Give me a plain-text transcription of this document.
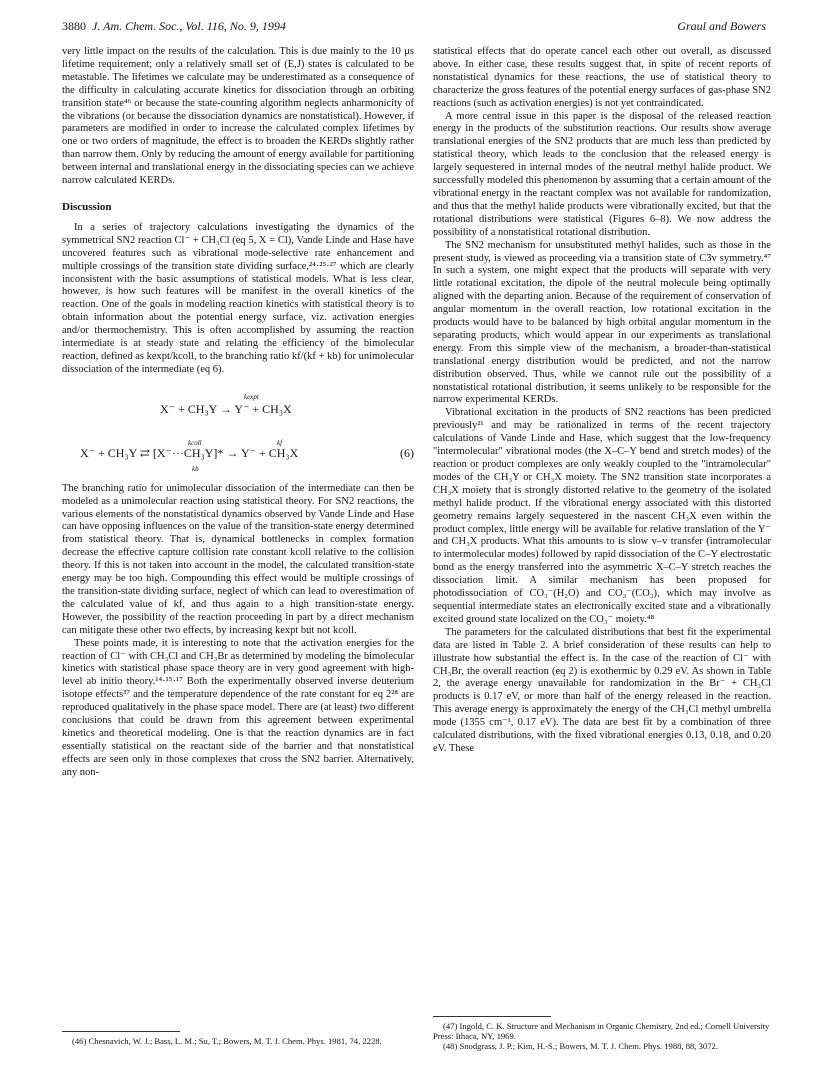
3880 J. Am. Chem. Soc., Vol. 116, No. 9, 1994	Graul and Bowers

very little impact on the results of the calculation. This is due mainly to the 10 μs lifetime requirement; only a relatively small set of (E,J) states is calculated to be metastable. The lifetimes we calculate may be underestimated as a consequence of the difficulty in calculating accurate kinetics for dissociation through an orbiting transition state⁴⁶ or because the state-counting algorithm neglects anharmonicity of the vibrations (or because the dissociation dynamics are nonstatistical). However, if parameters are modified in order to increase the calculated complex lifetimes by one or two orders of magnitude, the effect is to broaden the KERDs slightly rather than narrow them. Only by reducing the amount of energy available for partitioning between internal and translational energy in the dissociating species can we achieve narrow calculated KERDs.

Discussion

In a series of trajectory calculations investigating the dynamics of the symmetrical SN2 reaction Cl⁻ + CH₃Cl (eq 5, X = Cl), Vande Linde and Hase have uncovered features such as vibrational mode-selective rate enhancement and multiple crossings of the transition state dividing surface,²⁴·²⁵·²⁷ which are clearly inconsistent with the basic assumptions of statistical models. What is less clear, however, is how such features will be manifest in the overall kinetics of the reaction. One of the goals in modeling reaction kinetics with statistical theory is to obtain information about the potential energy surface, viz. activation energies and/or thermochemistry. This is often accomplished by assuming the reaction intermediate is at steady state and relating the efficiency of the bimolecular reaction, defined as kexpt/kcoll, to the branching ratio kf/(kf + kb) for unimolecular dissociation of the intermediate (eq 6).

kexpt
X⁻ + CH₃Y → Y⁻ + CH₃X
kcoll	kf
X⁻ + CH₃Y ⇄ [X⁻···CH₃Y]* → Y⁻ + CH₃X
kb
(6)

The branching ratio for unimolecular dissociation of the intermediate can then be modeled as a unimolecular reaction using statistical theory. For SN2 reactions, the various elements of the nonstatistical dynamics observed by Vande Linde and Hase can have opposing influences on the value of the transition-state energy determined from statistical theory. That is, dynamical bottlenecks in complex formation decrease the effective capture collision rate constant kcoll relative to the collision theory. If this is not taken into account in the model, the calculated transition-state energy may be too high. Compounding this effect would be multiple crossings of the transition-state dividing surface, neglect of which can lead to overestimation of the calculated value of kf, and thus again to a high transition-state energy. However, the possibility of the reaction proceeding in part by a direct mechanism can mitigate these other two effects, by increasing kexpt but not kcoll.

These points made, it is interesting to note that the activation energies for the reaction of Cl⁻ with CH₃Cl and CH₃Br as determined by modeling the bimolecular kinetics with statistical phase space theory are in very good agreement with high-level ab initio theory.¹⁴·¹⁵·¹⁷ Both the experimentally observed inverse deuterium isotope effects³⁷ and the temperature dependence of the rate constant for eq 2²⁸ are reproduced qualitatively in the phase space model. There are (at least) two different conclusions that could be drawn from this agreement between experimental kinetics and theoretical modeling. One is that the reaction dynamics are in fact essentially statistical on the reactant side of the barrier and that nonstatistical effects are seen only in those complexes that cross the SN2 barrier. Alternatively, any non-

statistical effects that do operate cancel each other out overall, as discussed above. In either case, these results suggest that, in spite of recent reports of nonstatistical dynamics for these reactions, the use of statistical theory to characterize the gross features of the potential energy surfaces of gas-phase SN2 reactions (such as activation energies) is not yet contraindicated.

A more central issue in this paper is the disposal of the released reaction energy in the products of the substitution reactions. Our results show average translational energies of the SN2 products that are much less than predicted by statistical theory, which leads to the conclusion that the released energy is largely sequestered in internal modes of the neutral methyl halide product. We successfully modeled this phenomenon by assuming that a certain amount of the vibrational energy in the reactant complex was not available for randomization, and thus that the methyl halide products were vibrationally excited, but that the rotational distributions were statistical (Figures 6–8). We now address the possibility of a nonstatistical rotational distribution.

The SN2 mechanism for unsubstituted methyl halides, such as those in the present study, is viewed as proceeding via a transition state of C3v symmetry.⁴⁷ In such a system, one might expect that the products will separate with very little rotational excitation, the dipole of the neutral molecule being optimally aligned with the departing anion. Because of the requirement of conservation of angular momentum in the overall reaction, low rotational excitation in the products would have to be balanced by high orbital angular momentum in the separating products, which would appear in our experiments as translational energy. From this simple view of the mechanism, a broader-than-statistical translational energy distribution would be predicted, and not the narrow distribution observed. Thus, while we cannot rule out the possibility of a nonstatistical rotational distribution, it seems unlikely to be responsible for the narrow experimental KERDs.

Vibrational excitation in the products of SN2 reactions has been predicted previously²¹ and may be rationalized in terms of the recent trajectory calculations of Vande Linde and Hase, which suggest that the low-frequency "intermolecular" vibrational modes (the X–C–Y bend and stretch modes) of the reaction or product complexes are only weakly coupled to the "intramolecular" modes of the CH₃Y or CH₃X moiety. The SN2 transition state incorporates a CH₃X moiety that is strongly distorted relative to the geometry of the isolated methyl halide product. If the vibrational energy associated with this distorted geometry remains largely sequestered in the nascent CH₃X even within the product complex, little energy will be available for relative translation of the Y⁻ and CH₃X products. What this amounts to is slow v–v transfer (intramolecular to intermolecular modes) followed by rapid dissociation of the C–Y electrostatic bond as the energy transferred into the asymmetric X–C–Y stretch reaches the dissociation limit. A similar mechanism has been proposed for photodissociation of CO₃⁻(H₂O) and CO₃⁻(CO₂), which may involve as sequential intermediate states an electronically excited state and a vibrationally excited ground state localized on the CO₃⁻ moiety.⁴⁸

The parameters for the calculated distributions that best fit the experimental data are listed in Table 2. A brief consideration of these results can help to illustrate how substantial the effect is. In the case of the reaction of Cl⁻ with CH₃Br, the overall reaction (eq 2) is exothermic by 0.29 eV. As shown in Table 2, the average energy unavailable for randomization in the Br⁻ + CH₃Cl products is 0.17 eV, or more than half of the energy released in the reaction. This average energy is approximately the energy of the CH₃Cl methyl umbrella mode (1355 cm⁻¹, 0.17 eV). The data are best fit by a combination of three calculated distributions, with the fixed vibrational energies 0.13, 0.18, and 0.20 eV. These

(46) Chesnavich, W. J.; Bass, L. M.; Su, T.; Bowers, M. T. J. Chem. Phys. 1981, 74, 2228.

(47) Ingold, C. K. Structure and Mechanism in Organic Chemistry, 2nd ed.; Cornell University Press: Ithaca, NY, 1969.

(48) Snodgrass, J. P.; Kim, H.-S.; Bowers, M. T. J. Chem. Phys. 1988, 88, 3072.
